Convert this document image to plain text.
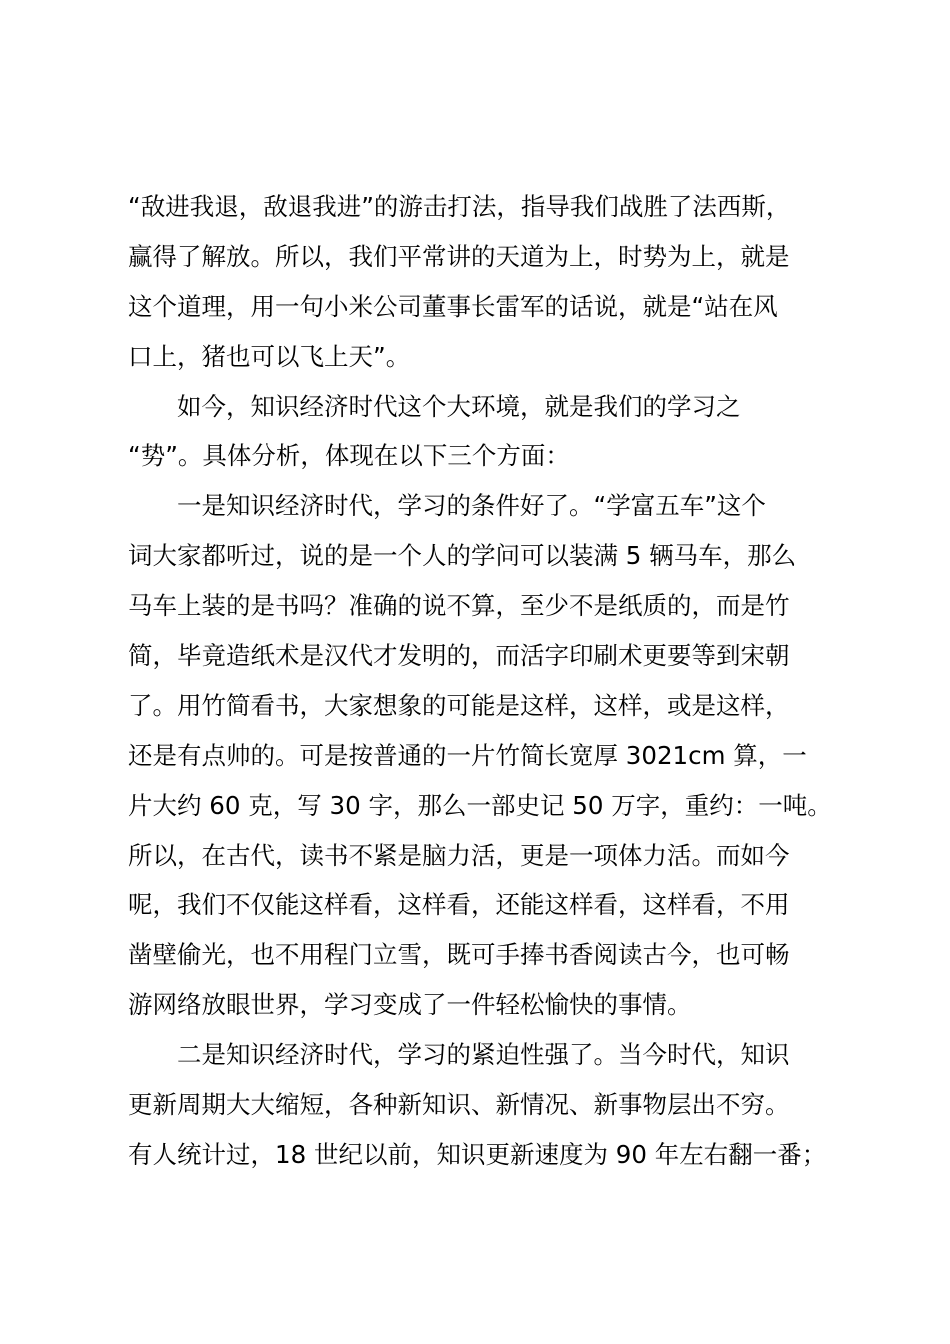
“敌进我退，敌退我进”的游击打法，指导我们战胜了法西斯，
赢得了解放。所以，我们平常讲的天道为上，时势为上，就是
这个道理，用一句小米公司董事长雷军的话说，就是“站在风
口上，猪也可以飞上天”。
如今，知识经济时代这个大环境，就是我们的学习之
“势”。具体分析，体现在以下三个方面：
一是知识经济时代，学习的条件好了。“学富五车”这个
词大家都听过，说的是一个人的学问可以装满 5 辆马车，那么
马车上装的是书吗？准确的说不算，至少不是纸质的，而是竹
简，毕竟造纸术是汉代才发明的，而活字印刷术更要等到宋朝
了。用竹简看书，大家想象的可能是这样，这样，或是这样，
还是有点帅的。可是按普通的一片竹简长宽厚 3021cm 算，一
片大约 60 克，写 30 字，那么一部史记 50 万字，重约：一吨。
所以，在古代，读书不紧是脑力活，更是一项体力活。而如今
呢，我们不仅能这样看，这样看，还能这样看，这样看，不用
凿壁偷光，也不用程门立雪，既可手捧书香阅读古今，也可畅
游网络放眼世界，学习变成了一件轻松愉快的事情。
二是知识经济时代，学习的紧迫性强了。当今时代，知识
更新周期大大缩短，各种新知识、新情况、新事物层出不穷。
有人统计过，18 世纪以前，知识更新速度为 90 年左右翻一番；
